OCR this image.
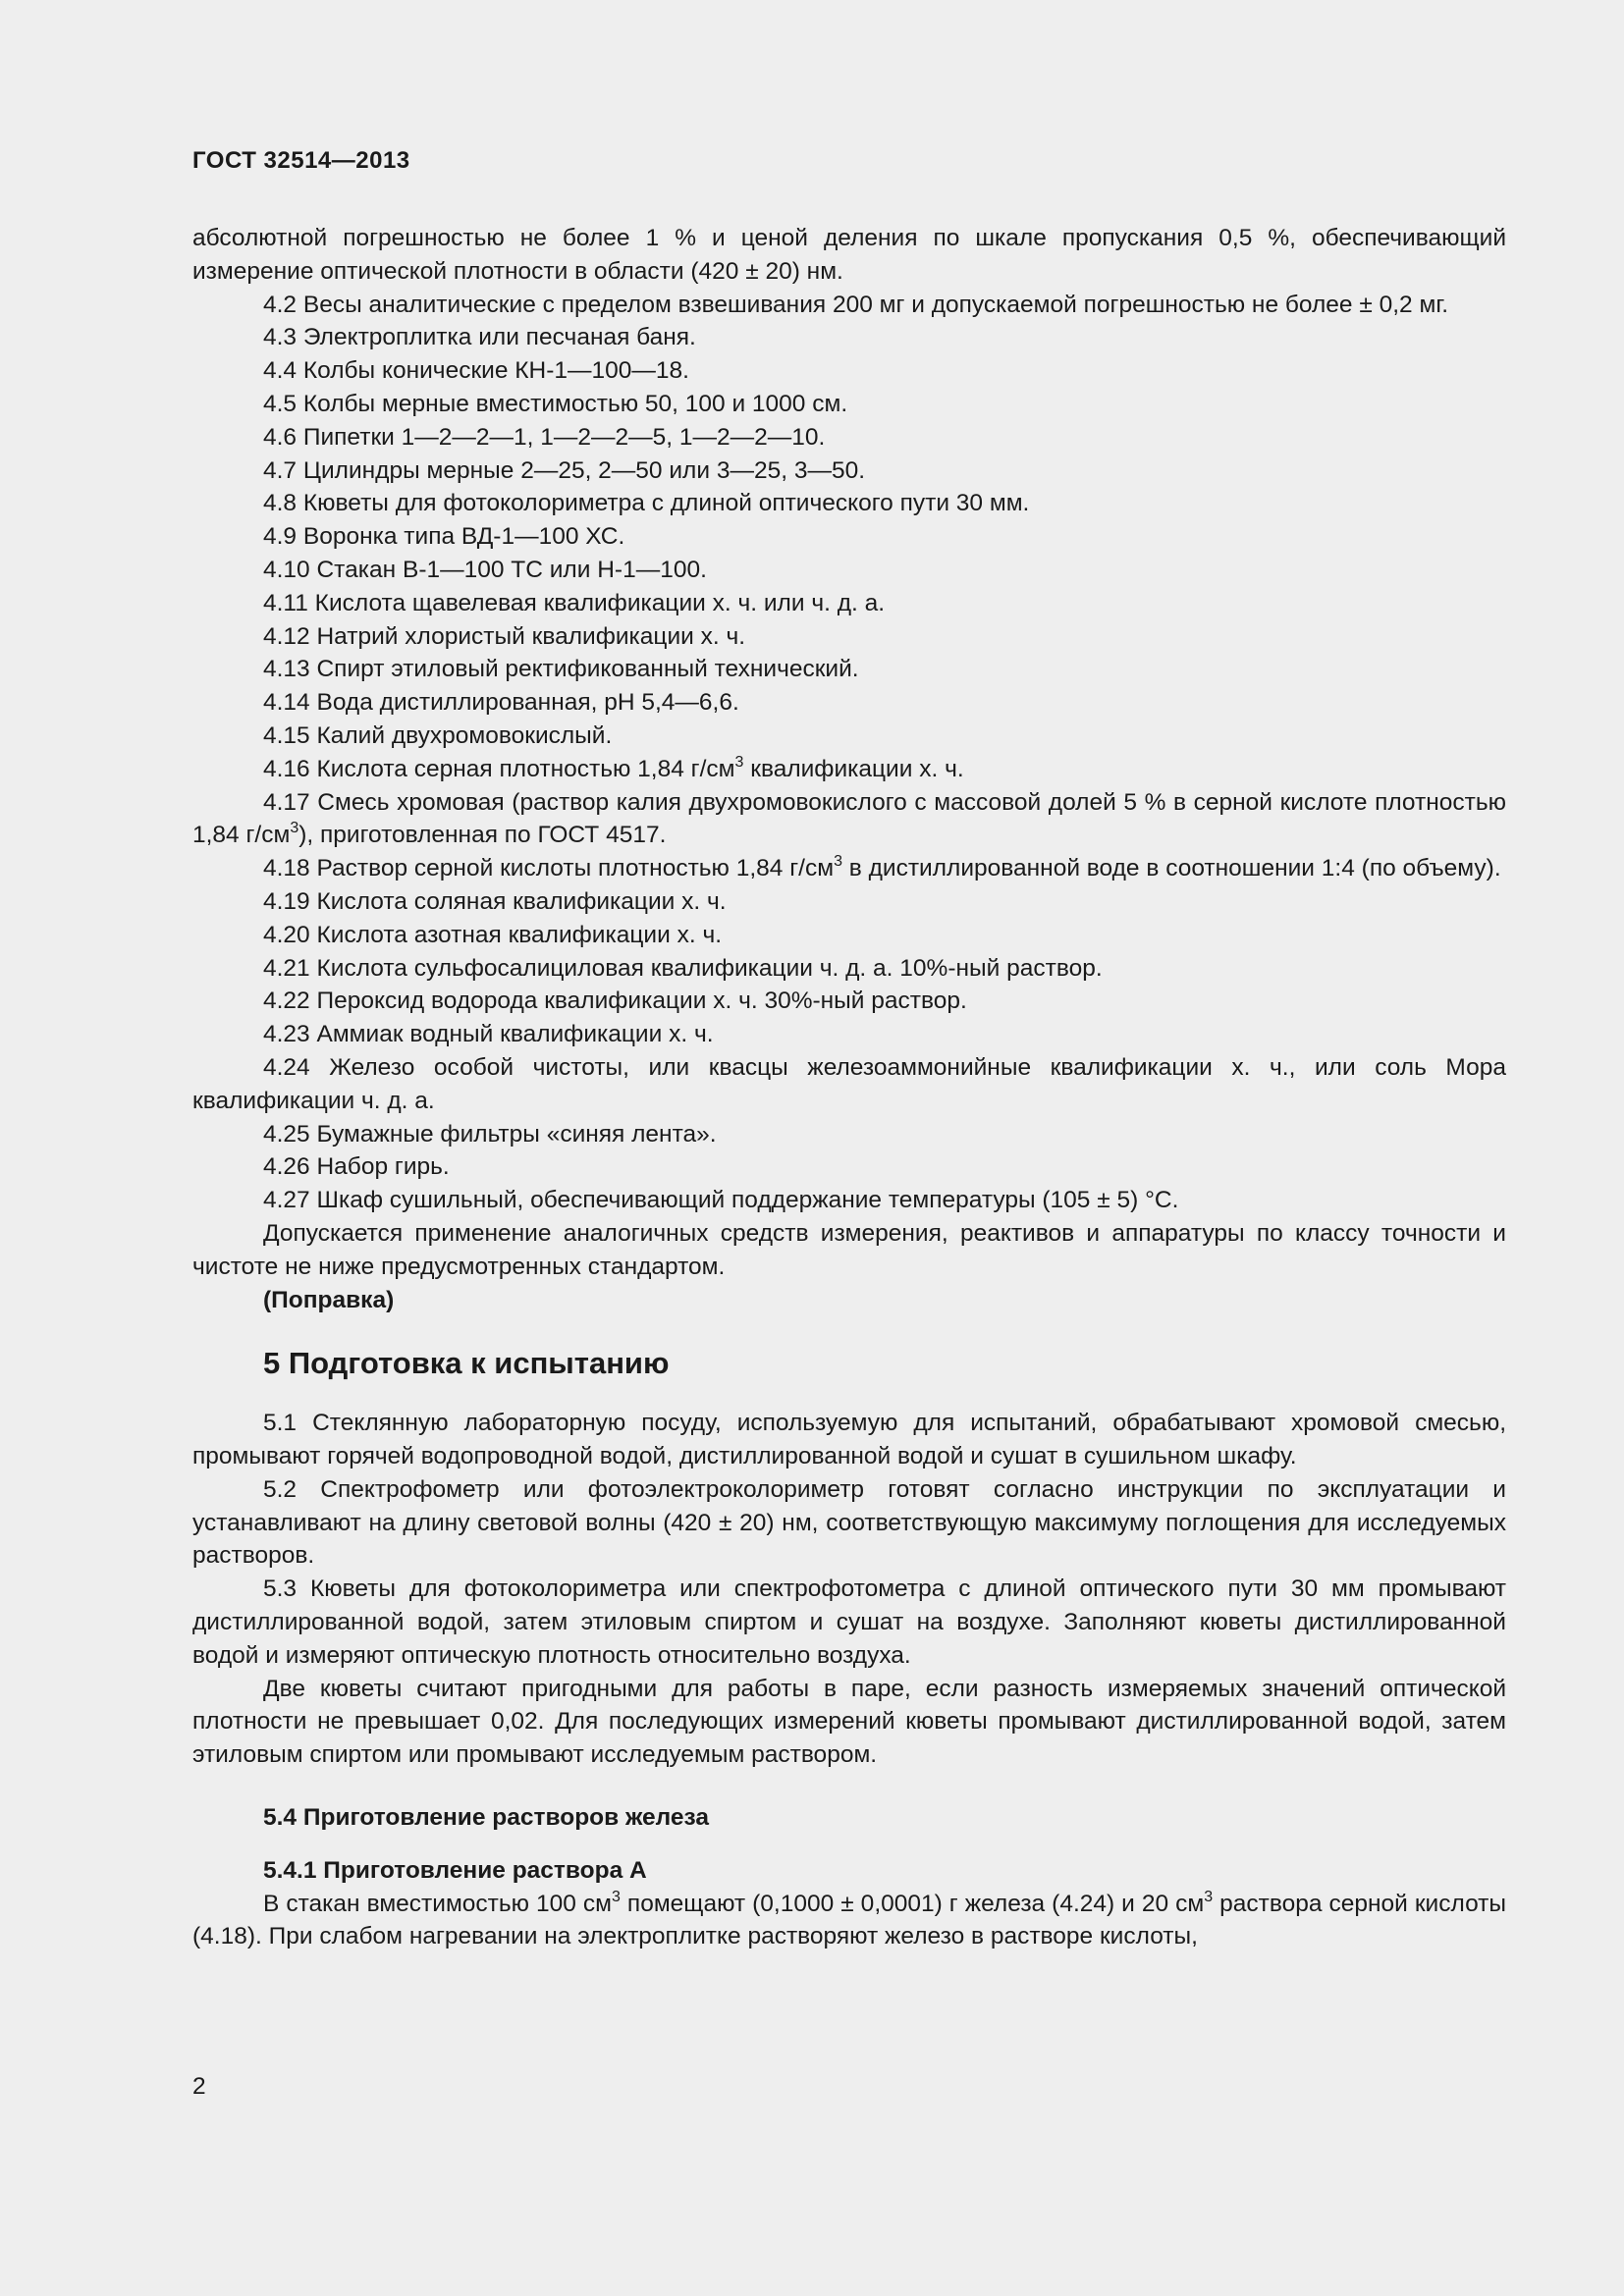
ГОСТ 32514—2013

абсолютной погрешностью не более 1 % и ценой деления по шкале пропускания 0,5 %, обеспечивающий измерение оптической плотности в области (420 ± 20) нм.

4.2 Весы аналитические с пределом взвешивания 200 мг и допускаемой погрешностью не более ± 0,2 мг.

4.3 Электроплитка или песчаная баня.

4.4 Колбы конические КН-1—100—18.

4.5 Колбы мерные вместимостью 50, 100 и 1000 см.

4.6 Пипетки 1—2—2—1, 1—2—2—5, 1—2—2—10.

4.7 Цилиндры мерные 2—25, 2—50 или 3—25, 3—50.

4.8 Кюветы для фотоколориметра с длиной оптического пути 30 мм.

4.9 Воронка типа ВД-1—100 ХС.

4.10 Стакан В-1—100 ТС или Н-1—100.

4.11 Кислота щавелевая квалификации х. ч. или ч. д. а.

4.12 Натрий хлористый квалификации х. ч.

4.13 Спирт этиловый ректификованный технический.

4.14 Вода дистиллированная, pH 5,4—6,6.

4.15 Калий двухромовокислый.

4.16 Кислота серная плотностью 1,84 $г/см^3$ квалификации х. ч.

4.17 Смесь хромовая (раствор калия двухромовокислого с массовой долей 5 % в серной кислоте плотностью 1,84 $г/см^3$), приготовленная по ГОСТ 4517.

4.18 Раствор серной кислоты плотностью 1,84 $г/см^3$ в дистиллированной воде в соотношении 1:4 (по объему).

4.19 Кислота соляная квалификации х. ч.

4.20 Кислота азотная квалификации х. ч.

4.21 Кислота сульфосалициловая квалификации ч. д. а. 10%-ный раствор.

4.22 Пероксид водорода квалификации х. ч. 30%-ный раствор.

4.23 Аммиак водный квалификации х. ч.

4.24 Железо особой чистоты, или квасцы железоаммонийные квалификации х. ч., или соль Мора квалификации ч. д. а.

4.25 Бумажные фильтры «синяя лента».

4.26 Набор гирь.

4.27 Шкаф сушильный, обеспечивающий поддержание температуры (105 ± 5) °С.

Допускается применение аналогичных средств измерения, реактивов и аппаратуры по классу точности и чистоте не ниже предусмотренных стандартом.

(Поправка)

5 Подготовка к испытанию

5.1 Стеклянную лабораторную посуду, используемую для испытаний, обрабатывают хромовой смесью, промывают горячей водопроводной водой, дистиллированной водой и сушат в сушильном шкафу.

5.2 Спектрофометр или фотоэлектроколориметр готовят согласно инструкции по эксплуатации и устанавливают на длину световой волны (420 ± 20) нм, соответствующую максимуму поглощения для исследуемых растворов.

5.3 Кюветы для фотоколориметра или спектрофотометра с длиной оптического пути 30 мм промывают дистиллированной водой, затем этиловым спиртом и сушат на воздухе. Заполняют кюветы дистиллированной водой и измеряют оптическую плотность относительно воздуха.

Две кюветы считают пригодными для работы в паре, если разность измеряемых значений оптической плотности не превышает 0,02. Для последующих измерений кюветы промывают дистиллированной водой, затем этиловым спиртом или промывают исследуемым раствором.

5.4 Приготовление растворов железа

5.4.1 Приготовление раствора А

В стакан вместимостью 100 $см^3$ помещают (0,1000 ± 0,0001) г железа (4.24) и 20 $см^3$ раствора серной кислоты (4.18). При слабом нагревании на электроплитке растворяют железо в растворе кислоты,

2
